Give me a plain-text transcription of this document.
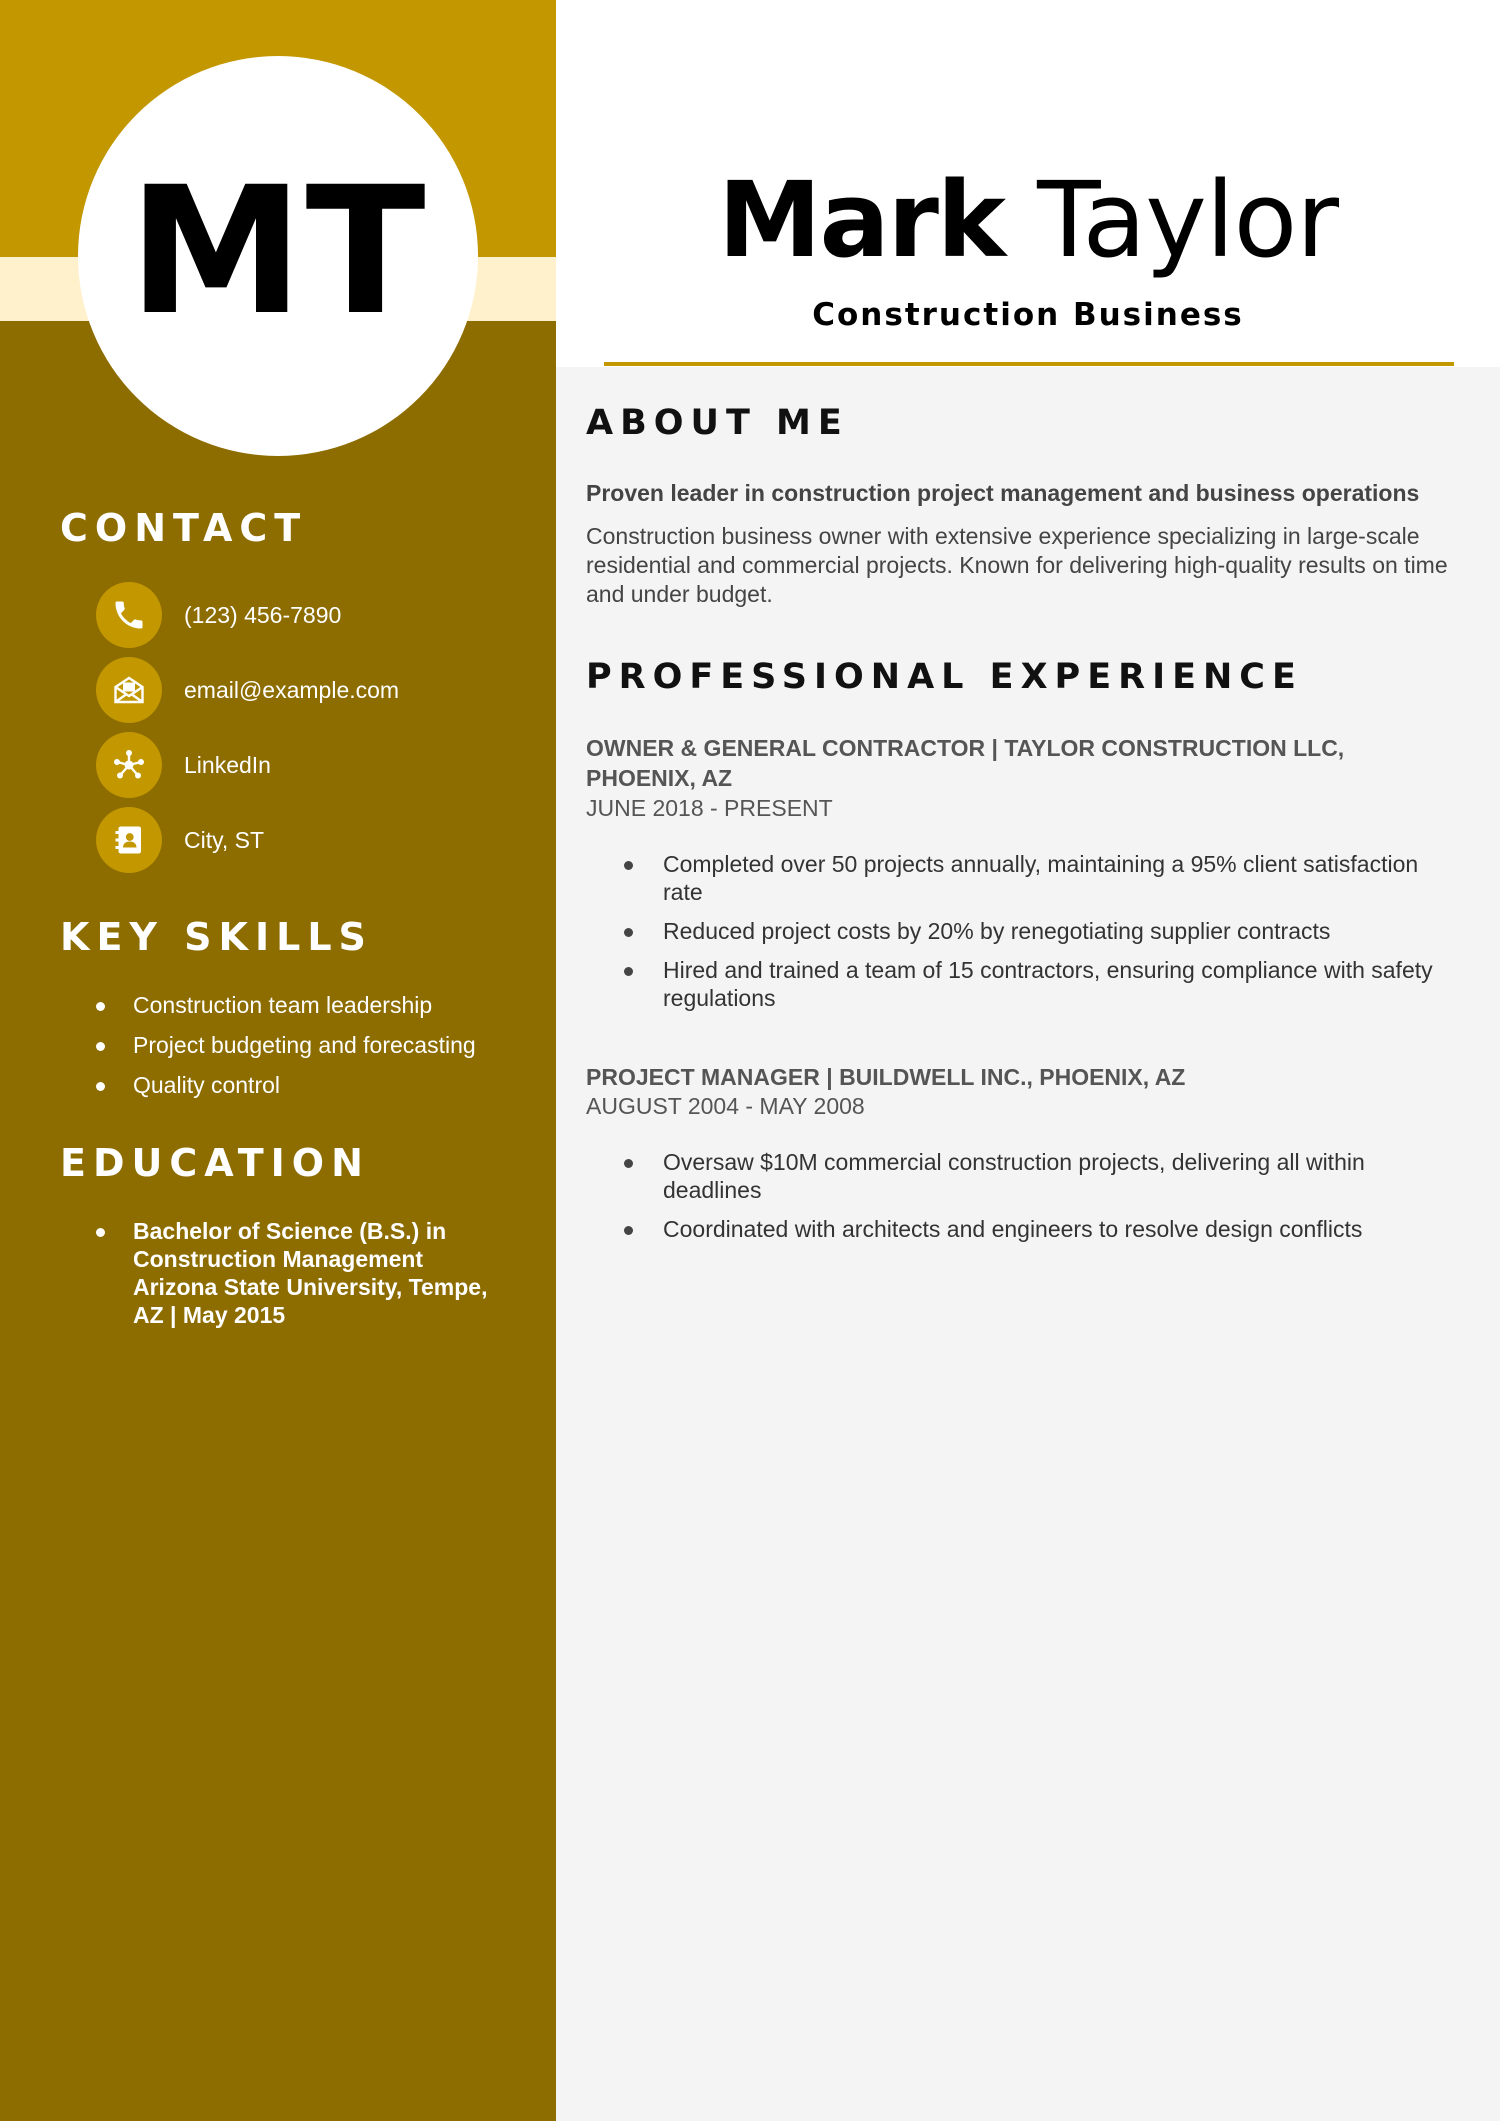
MT
CONTACT
(123) 456-7890
email@example.com
LinkedIn
City, ST
KEY SKILLS
Construction team leadership
Project budgeting and forecasting
Quality control
EDUCATION
Bachelor of Science (B.S.) in
Construction Management
Arizona State University, Tempe,
AZ | May 2015
Mark Taylor
Construction Business
ABOUT ME
Proven leader in construction project management and business operations
Construction business owner with extensive experience specializing in large-scale residential and commercial projects. Known for delivering high-quality results on time and under budget.
PROFESSIONAL EXPERIENCE
OWNER & GENERAL CONTRACTOR | TAYLOR CONSTRUCTION LLC, PHOENIX, AZ
JUNE 2018 - PRESENT
Completed over 50 projects annually, maintaining a 95% client satisfaction rate
Reduced project costs by 20% by renegotiating supplier contracts
Hired and trained a team of 15 contractors, ensuring compliance with safety regulations
PROJECT MANAGER | BUILDWELL INC., PHOENIX, AZ
AUGUST 2004 - MAY 2008
Oversaw $10M commercial construction projects, delivering all within deadlines
Coordinated with architects and engineers to resolve design conflicts
